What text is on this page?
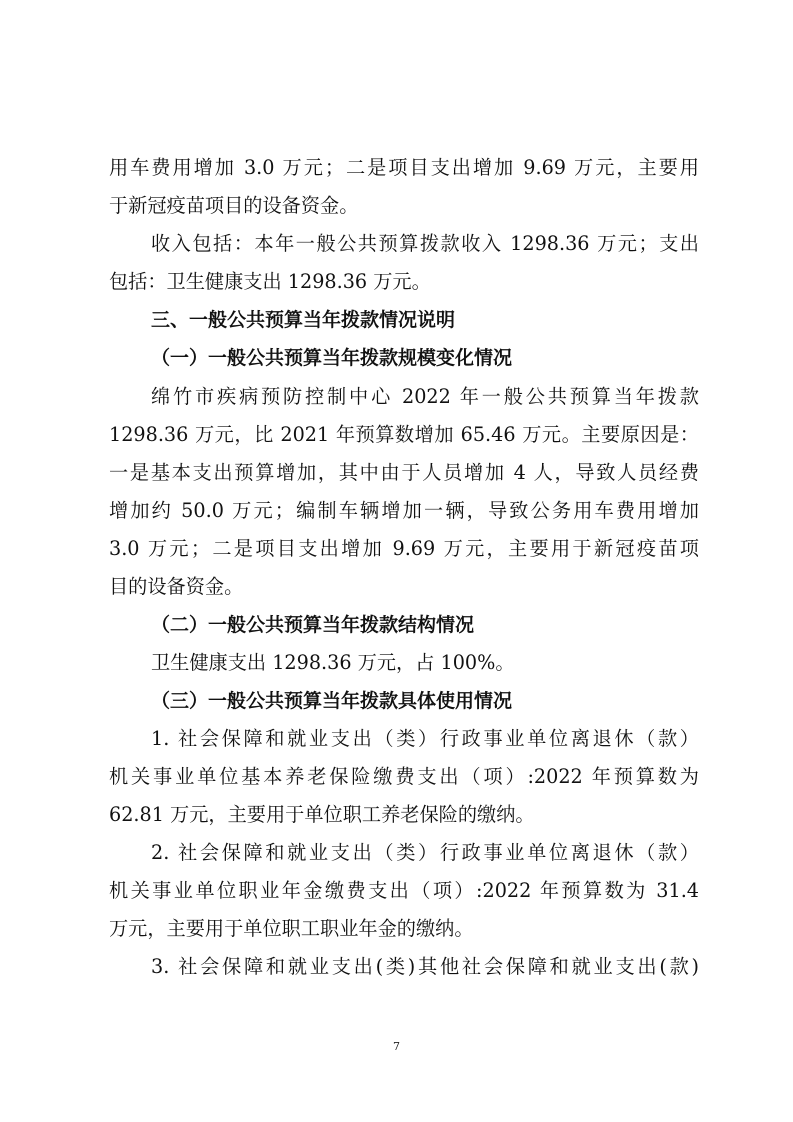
用车费用增加 3.0 万元；二是项目支出增加 9.69 万元，主要用
于新冠疫苗项目的设备资金。
收入包括：本年一般公共预算拨款收入 1298.36 万元；支出
包括：卫生健康支出 1298.36 万元。
三、一般公共预算当年拨款情况说明
（一）一般公共预算当年拨款规模变化情况
绵竹市疾病预防控制中心 2022 年一般公共预算当年拨款
1298.36 万元，比 2021 年预算数增加 65.46 万元。主要原因是：
一是基本支出预算增加，其中由于人员增加 4 人，导致人员经费
增加约 50.0 万元；编制车辆增加一辆，导致公务用车费用增加
3.0 万元；二是项目支出增加 9.69 万元，主要用于新冠疫苗项
目的设备资金。
（二）一般公共预算当年拨款结构情况
卫生健康支出 1298.36 万元，占 100%。
（三）一般公共预算当年拨款具体使用情况
1. 社会保障和就业支出（类）行政事业单位离退休（款）
机关事业单位基本养老保险缴费支出（项）:2022 年预算数为
62.81 万元，主要用于单位职工养老保险的缴纳。
2. 社会保障和就业支出（类）行政事业单位离退休（款）
机关事业单位职业年金缴费支出（项）:2022 年预算数为 31.4
万元，主要用于单位职工职业年金的缴纳。
3. 社会保障和就业支出(类)其他社会保障和就业支出(款)
7
